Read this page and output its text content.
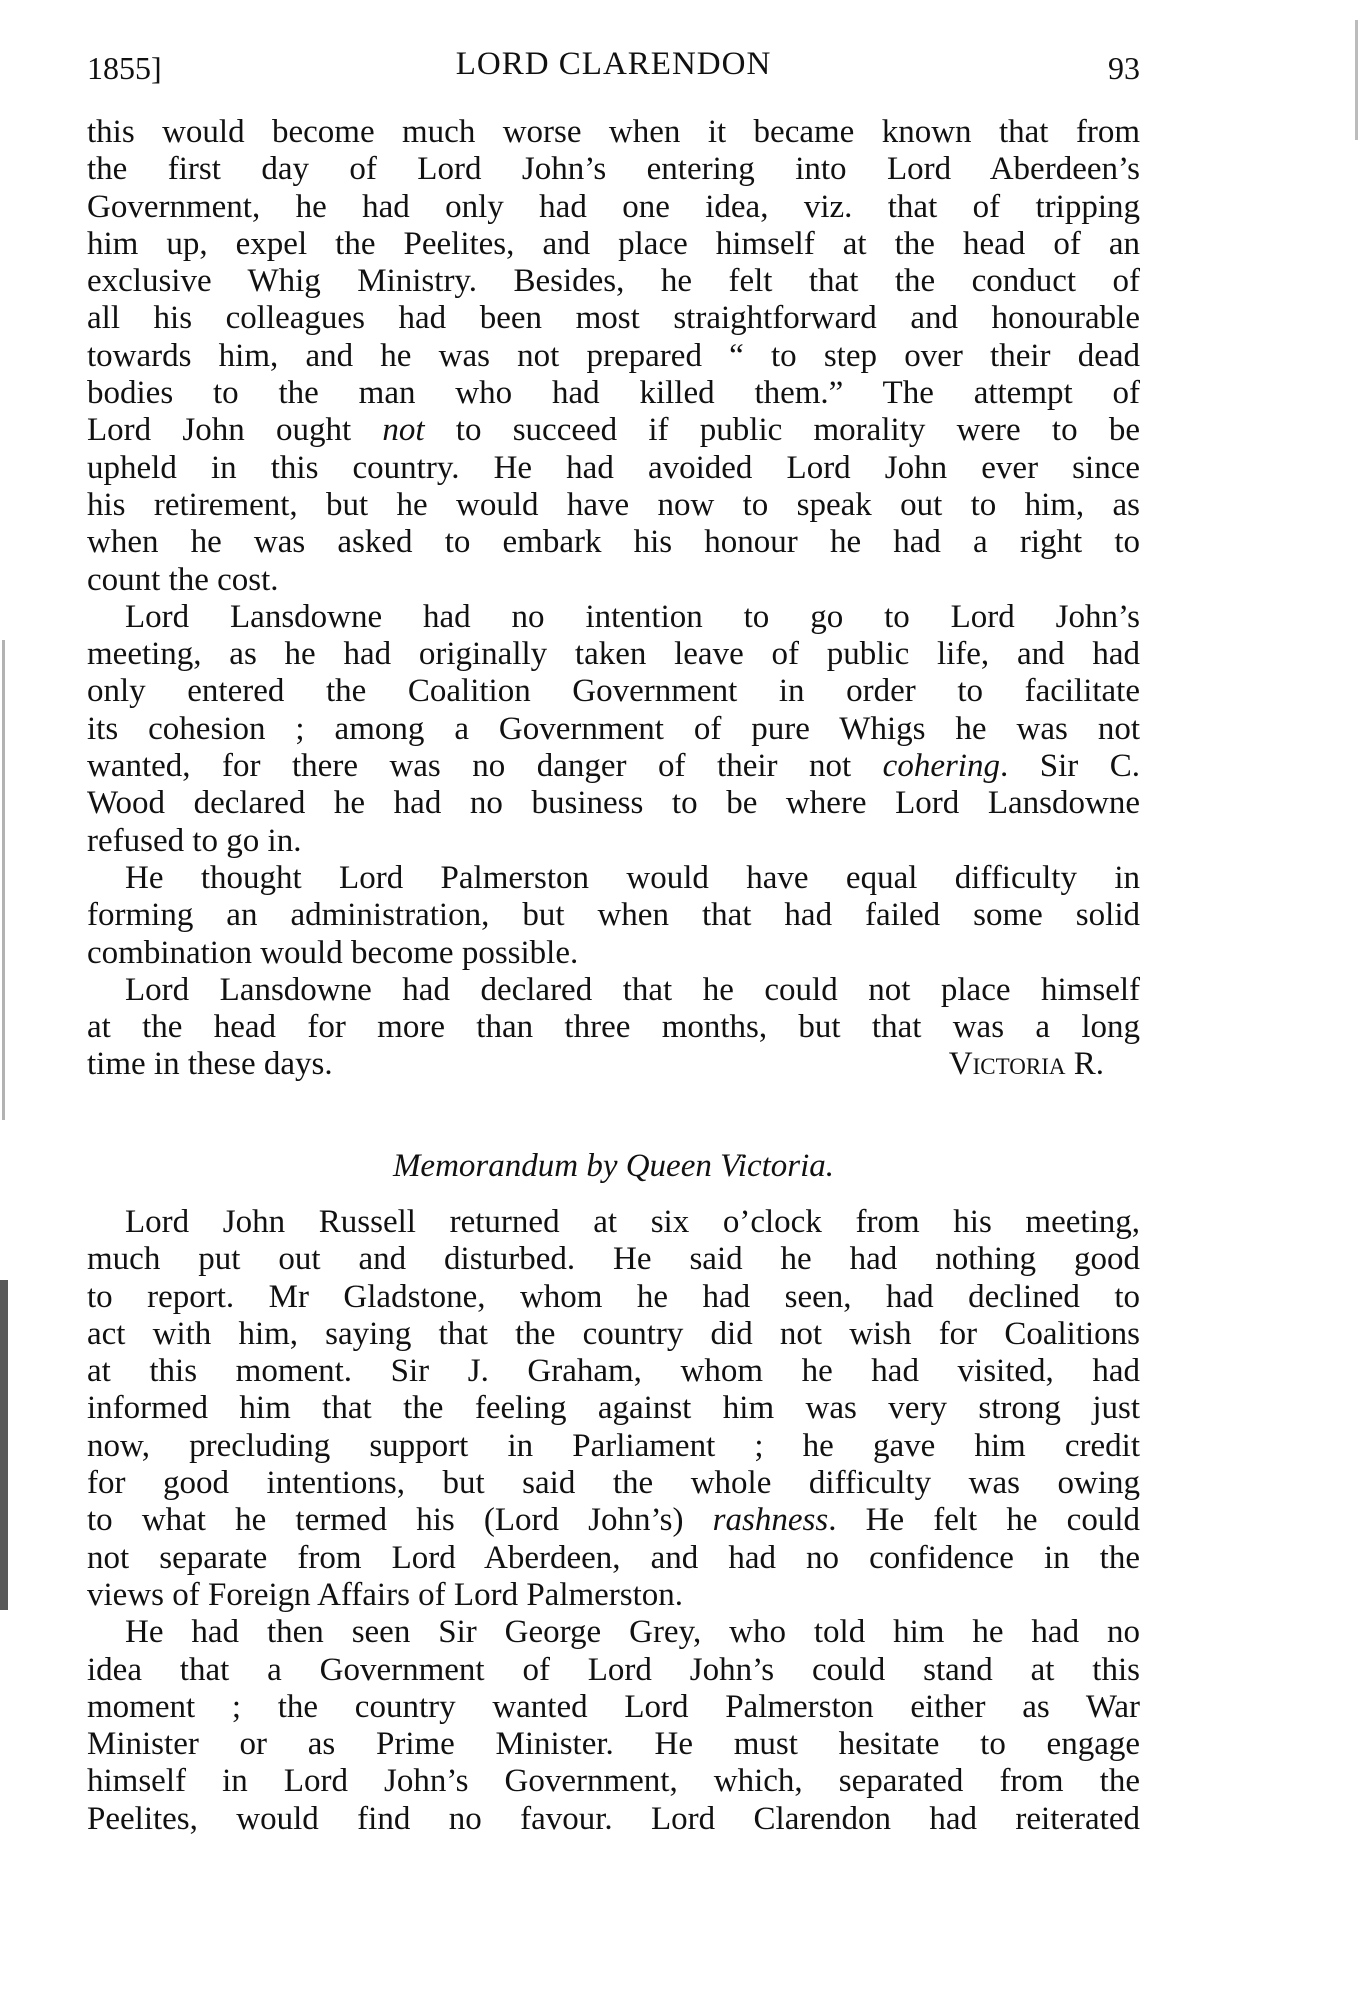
1855]	LORD CLARENDON	93
this would become much worse when it became known that from
the first day of Lord John’s entering into Lord Aberdeen’s
Government, he had only had one idea, viz. that of tripping
him up, expel the Peelites, and place himself at the head of an
exclusive Whig Ministry. Besides, he felt that the conduct of
all his colleagues had been most straightforward and honourable
towards him, and he was not prepared “ to step over their dead
bodies to the man who had killed them.” The attempt of
Lord John ought not to succeed if public morality were to be
upheld in this country. He had avoided Lord John ever since
his retirement, but he would have now to speak out to him, as
when he was asked to embark his honour he had a right to
count the cost.
Lord Lansdowne had no intention to go to Lord John’s
meeting, as he had originally taken leave of public life, and had
only entered the Coalition Government in order to facilitate
its cohesion ; among a Government of pure Whigs he was not
wanted, for there was no danger of their not cohering. Sir C.
Wood declared he had no business to be where Lord Lansdowne
refused to go in.
He thought Lord Palmerston would have equal difficulty in
forming an administration, but when that had failed some solid
combination would become possible.
Lord Lansdowne had declared that he could not place himself
at the head for more than three months, but that was a long
time in these days.	Victoria R.
Memorandum by Queen Victoria.
Lord John Russell returned at six o’clock from his meeting,
much put out and disturbed. He said he had nothing good
to report. Mr Gladstone, whom he had seen, had declined to
act with him, saying that the country did not wish for Coalitions
at this moment. Sir J. Graham, whom he had visited, had
informed him that the feeling against him was very strong just
now, precluding support in Parliament ; he gave him credit
for good intentions, but said the whole difficulty was owing
to what he termed his (Lord John’s) rashness. He felt he could
not separate from Lord Aberdeen, and had no confidence in the
views of Foreign Affairs of Lord Palmerston.
He had then seen Sir George Grey, who told him he had no
idea that a Government of Lord John’s could stand at this
moment ; the country wanted Lord Palmerston either as War
Minister or as Prime Minister. He must hesitate to engage
himself in Lord John’s Government, which, separated from the
Peelites, would find no favour. Lord Clarendon had reiterated
